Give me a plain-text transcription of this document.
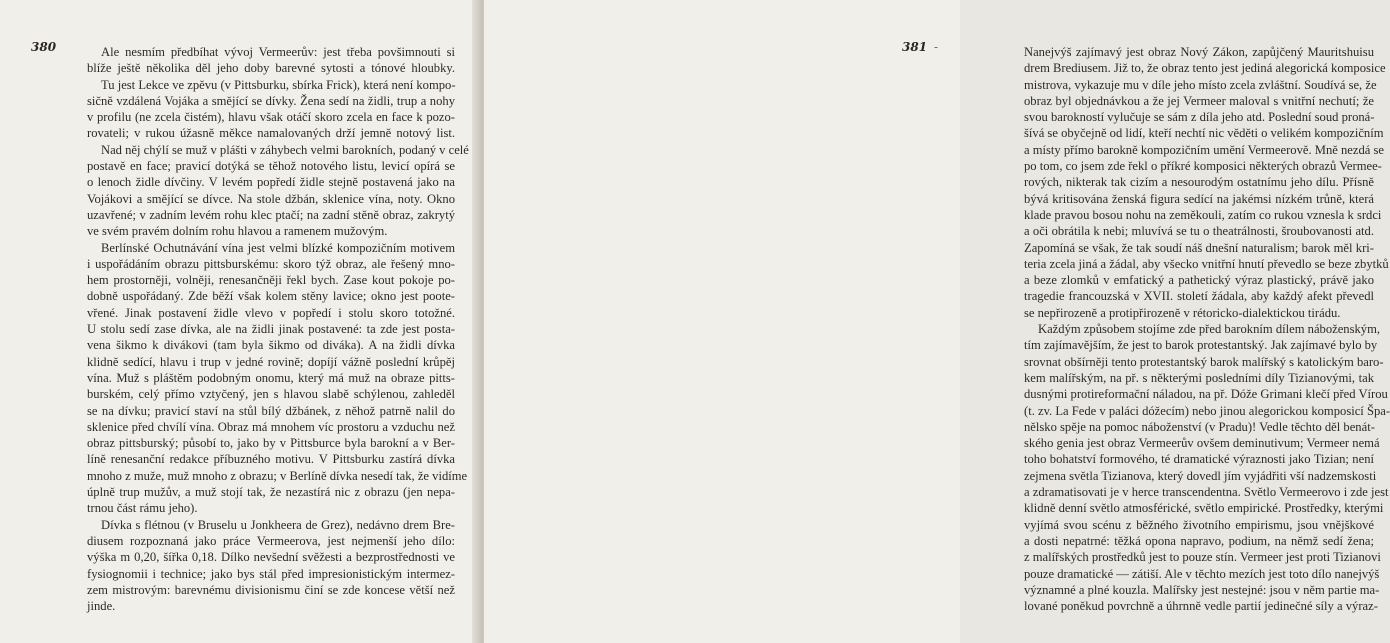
Ale nesmím předbíhat vývoj Vermeerův: jest třeba povšimnouti si
blíže ještě několika děl jeho doby barevné sytosti a tónové hloubky.
Tu jest Lekce ve zpěvu (v Pittsburku, sbírka Frick), která není kompo-
sičně vzdálená Vojáka a smějící se dívky. Žena sedí na židli, trup a nohy
v profilu (ne zcela čistém), hlavu však otáčí skoro zcela en face k pozo-
rovateli; v rukou úžasně měkce namalovaných drží jemně notový list.
Nad něj chýlí se muž v plášti v záhybech velmi barokních, podaný v celé
postavě en face; pravicí dotýká se těhož notového listu, levicí opírá se
o lenoch židle dívčiny. V levém popředí židle stejně postavená jako na
Vojákovi a smějící se dívce. Na stole džbán, sklenice vína, noty. Okno
uzavřené; v zadním levém rohu klec ptačí; na zadní stěně obraz, zakrytý
ve svém pravém dolním rohu hlavou a ramenem mužovým.
Berlínské Ochutnávání vína jest velmi blízké kompozičním motivem
i uspořádáním obrazu pittsburskému: skoro týž obraz, ale řešený mno-
hem prostorněji, volněji, renesančněji řekl bych. Zase kout pokoje po-
dobně uspořádaný. Zde běží však kolem stěny lavice; okno jest poote-
vřené. Jinak postavení židle vlevo v popředí i stolu skoro totožné.
U stolu sedí zase dívka, ale na židli jinak postavené: ta zde jest posta-
vena šikmo k divákovi (tam byla šikmo od diváka). A na židli dívka
klidně sedící, hlavu i trup v jedné rovině; dopíjí vážně poslední krůpěj
vína. Muž s pláštěm podobným onomu, který má muž na obraze pitts-
burském, celý přímo vztyčený, jen s hlavou slabě schýlenou, zahleděl
se na dívku; pravicí staví na stůl bílý džbánek, z něhož patrně nalil do
sklenice před chvílí vína. Obraz má mnohem víc prostoru a vzduchu než
obraz pittsburský; působí to, jako by v Pittsburce byla barokní a v Ber-
líně renesanční redakce příbuzného motivu. V Pittsburku zastírá dívka
mnoho z muže, muž mnoho z obrazu; v Berlíně dívka nesedí tak, že vidíme
úplně trup mužův, a muž stojí tak, že nezastírá nic z obrazu (jen nepa-
trnou část rámu jeho).
Dívka s flétnou (v Bruselu u Jonkheera de Grez), nedávno drem Bre-
diusem rozpoznaná jako práce Vermeerova, jest nejmenší jeho dílo:
výška m 0,20, šířka 0,18. Dílko nevšední svěžesti a bezprostřednosti ve
fysiognomii i technice; jako bys stál před impresionistickým intermez-
zem mistrovým: barevnému divisionismu činí se zde koncese větší než
jinde.
Nanejvýš zajímavý jest obraz Nový Zákon, zapůjčený Mauritshuisu
drem Brediusem. Již to, že obraz tento jest jediná alegorická komposice
mistrova, vykazuje mu v díle jeho místo zcela zvláštní. Soudívá se, že
obraz byl objednávkou a že jej Vermeer maloval s vnitřní nechutí; že
svou barokností vylučuje se sám z díla jeho atd. Poslední soud proná-
šívá se obyčejně od lidí, kteří nechtí nic věděti o velikém kompozičním
a místy přímo barokně kompozičním umění Vermeerově. Mně nezdá se
po tom, co jsem zde řekl o příkré komposici některých obrazů Vermee-
rových, nikterak tak cizím a nesourodým ostatnímu jeho dílu. Přísně
bývá kritisována ženská figura sedící na jakémsi nízkém trůně, která
klade pravou bosou nohu na zeměkouli, zatím co rukou vznesla k srdci
a oči obrátila k nebi; mluvívá se tu o theatrálnosti, šroubovanosti atd.
Zapomíná se však, že tak soudí náš dnešní naturalism; barok měl kri-
teria zcela jiná a žádal, aby všecko vnitřní hnutí převedlo se beze zbytků
a beze zlomků v emfatický a pathetický výraz plastický, právě jako
tragedie francouzská v XVII. století žádala, aby každý afekt převedl
se nepřirozeně a protipřirozeně v rétoricko-dialektickou tirádu.
Každým způsobem stojíme zde před barokním dílem náboženským,
tím zajímavějším, že jest to barok protestantský. Jak zajímavé bylo by
srovnat obšírněji tento protestantský barok malířský s katolickým baro-
kem malířským, na př. s některými posledními díly Tizianovými, tak
dusnými protireformační náladou, na př. Dóže Grimani klečí před Vírou
(t. zv. La Fede v paláci dóžecím) nebo jinou alegorickou komposicí Špa-
nělsko spěje na pomoc náboženství (v Pradu)! Vedle těchto děl benát-
ského genia jest obraz Vermeerův ovšem deminutivum; Vermeer nemá
toho bohatství formového, té dramatické výraznosti jako Tizian; není
zejmena světla Tizianova, který dovedl jím vyjádřiti vší nadzemskosti
a zdramatisovati je v herce transcendentna. Světlo Vermeerovo i zde jest
klidně denní světlo atmosférické, světlo empirické. Prostředky, kterými
vyjímá svou scénu z běžného životního empirismu, jsou vnějškové
a dosti nepatrné: těžká opona napravo, podium, na němž sedí žena;
z malířských prostředků jest to pouze stín. Vermeer jest proti Tizianovi
pouze dramatické — zátiší. Ale v těchto mezích jest toto dílo nanejvýš
významné a plné kouzla. Malířsky jest nestejné: jsou v něm partie ma-
lované poněkud povrchně a úhrnně vedle partií jedinečné síly a výraz-
380	381 -
